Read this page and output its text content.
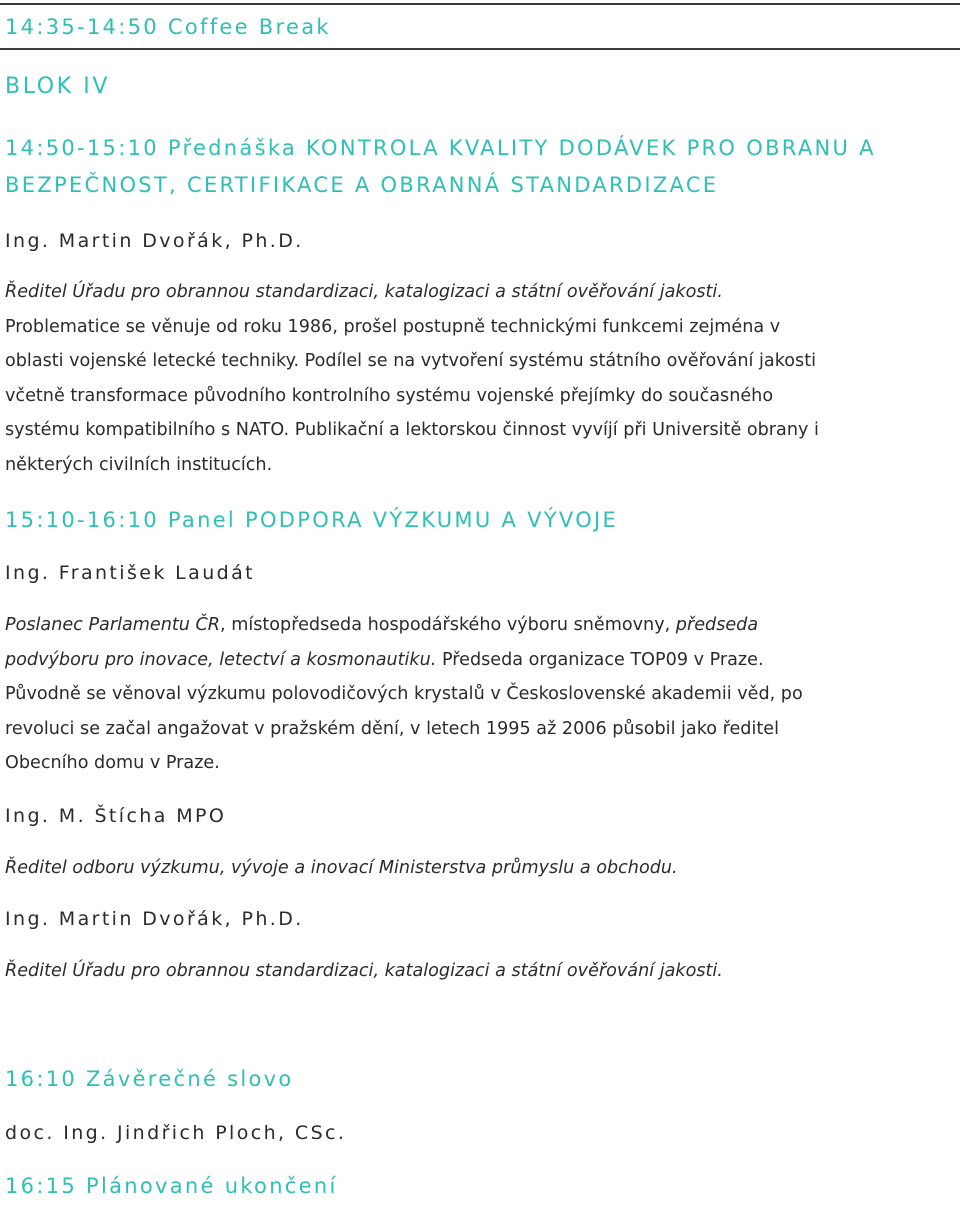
14:35-14:50 Coffee Break
BLOK IV
14:50-15:10 Přednáška KONTROLA KVALITY DODÁVEK PRO OBRANU A
BEZPEČNOST, CERTIFIKACE A OBRANNÁ STANDARDIZACE
Ing. Martin Dvořák, Ph.D.
Ředitel Úřadu pro obrannou standardizaci, katalogizaci a státní ověřování jakosti.
Problematice se věnuje od roku 1986, prošel postupně technickými funkcemi zejména v
oblasti vojenské letecké techniky. Podílel se na vytvoření systému státního ověřování jakosti
včetně transformace původního kontrolního systému vojenské přejímky do současného
systému kompatibilního s NATO. Publikační a lektorskou činnost vyvíjí při Universitě obrany i
některých civilních institucích.
15:10-16:10 Panel PODPORA VÝZKUMU A VÝVOJE
Ing. František Laudát
Poslanec Parlamentu ČR, místopředseda hospodářského výboru sněmovny, předseda
podvýboru pro inovace, letectví a kosmonautiku. Předseda organizace TOP09 v Praze.
Původně se věnoval výzkumu polovodičových krystalů v Československé akademii věd, po
revoluci se začal angažovat v pražském dění, v letech 1995 až 2006 působil jako ředitel
Obecního domu v Praze.
Ing. M. Štícha MPO
Ředitel odboru výzkumu, vývoje a inovací Ministerstva průmyslu a obchodu.
Ing. Martin Dvořák, Ph.D.
Ředitel Úřadu pro obrannou standardizaci, katalogizaci a státní ověřování jakosti.
16:10 Závěrečné slovo
doc. Ing. Jindřich Ploch, CSc.
16:15 Plánované ukončení
